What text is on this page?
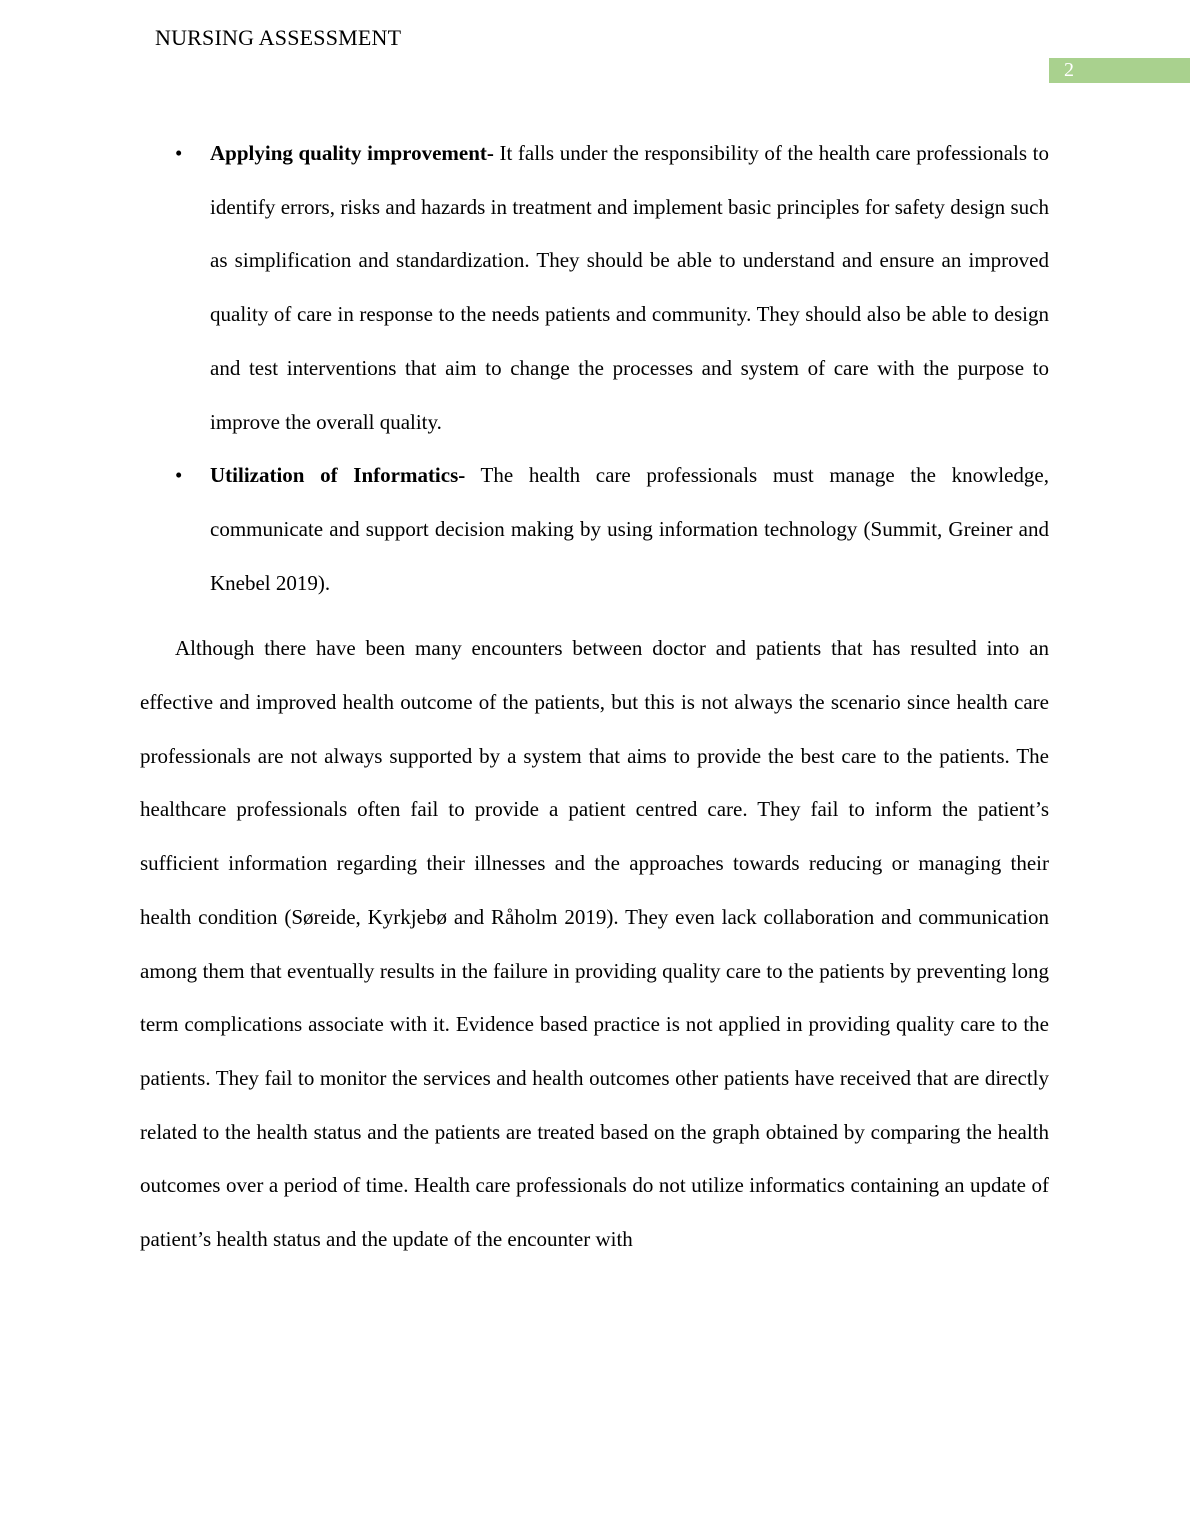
NURSING ASSESSMENT
2
• Applying quality improvement- It falls under the responsibility of the health care professionals to identify errors, risks and hazards in treatment and implement basic principles for safety design such as simplification and standardization. They should be able to understand and ensure an improved quality of care in response to the needs patients and community. They should also be able to design and test interventions that aim to change the processes and system of care with the purpose to improve the overall quality.
• Utilization of Informatics- The health care professionals must manage the knowledge, communicate and support decision making by using information technology (Summit, Greiner and Knebel 2019).

Although there have been many encounters between doctor and patients that has resulted into an effective and improved health outcome of the patients, but this is not always the scenario since health care professionals are not always supported by a system that aims to provide the best care to the patients. The healthcare professionals often fail to provide a patient centred care. They fail to inform the patient’s sufficient information regarding their illnesses and the approaches towards reducing or managing their health condition (Søreide, Kyrkjebø and Råholm 2019). They even lack collaboration and communication among them that eventually results in the failure in providing quality care to the patients by preventing long term complications associate with it. Evidence based practice is not applied in providing quality care to the patients. They fail to monitor the services and health outcomes other patients have received that are directly related to the health status and the patients are treated based on the graph obtained by comparing the health outcomes over a period of time. Health care professionals do not utilize informatics containing an update of patient’s health status and the update of the encounter with
